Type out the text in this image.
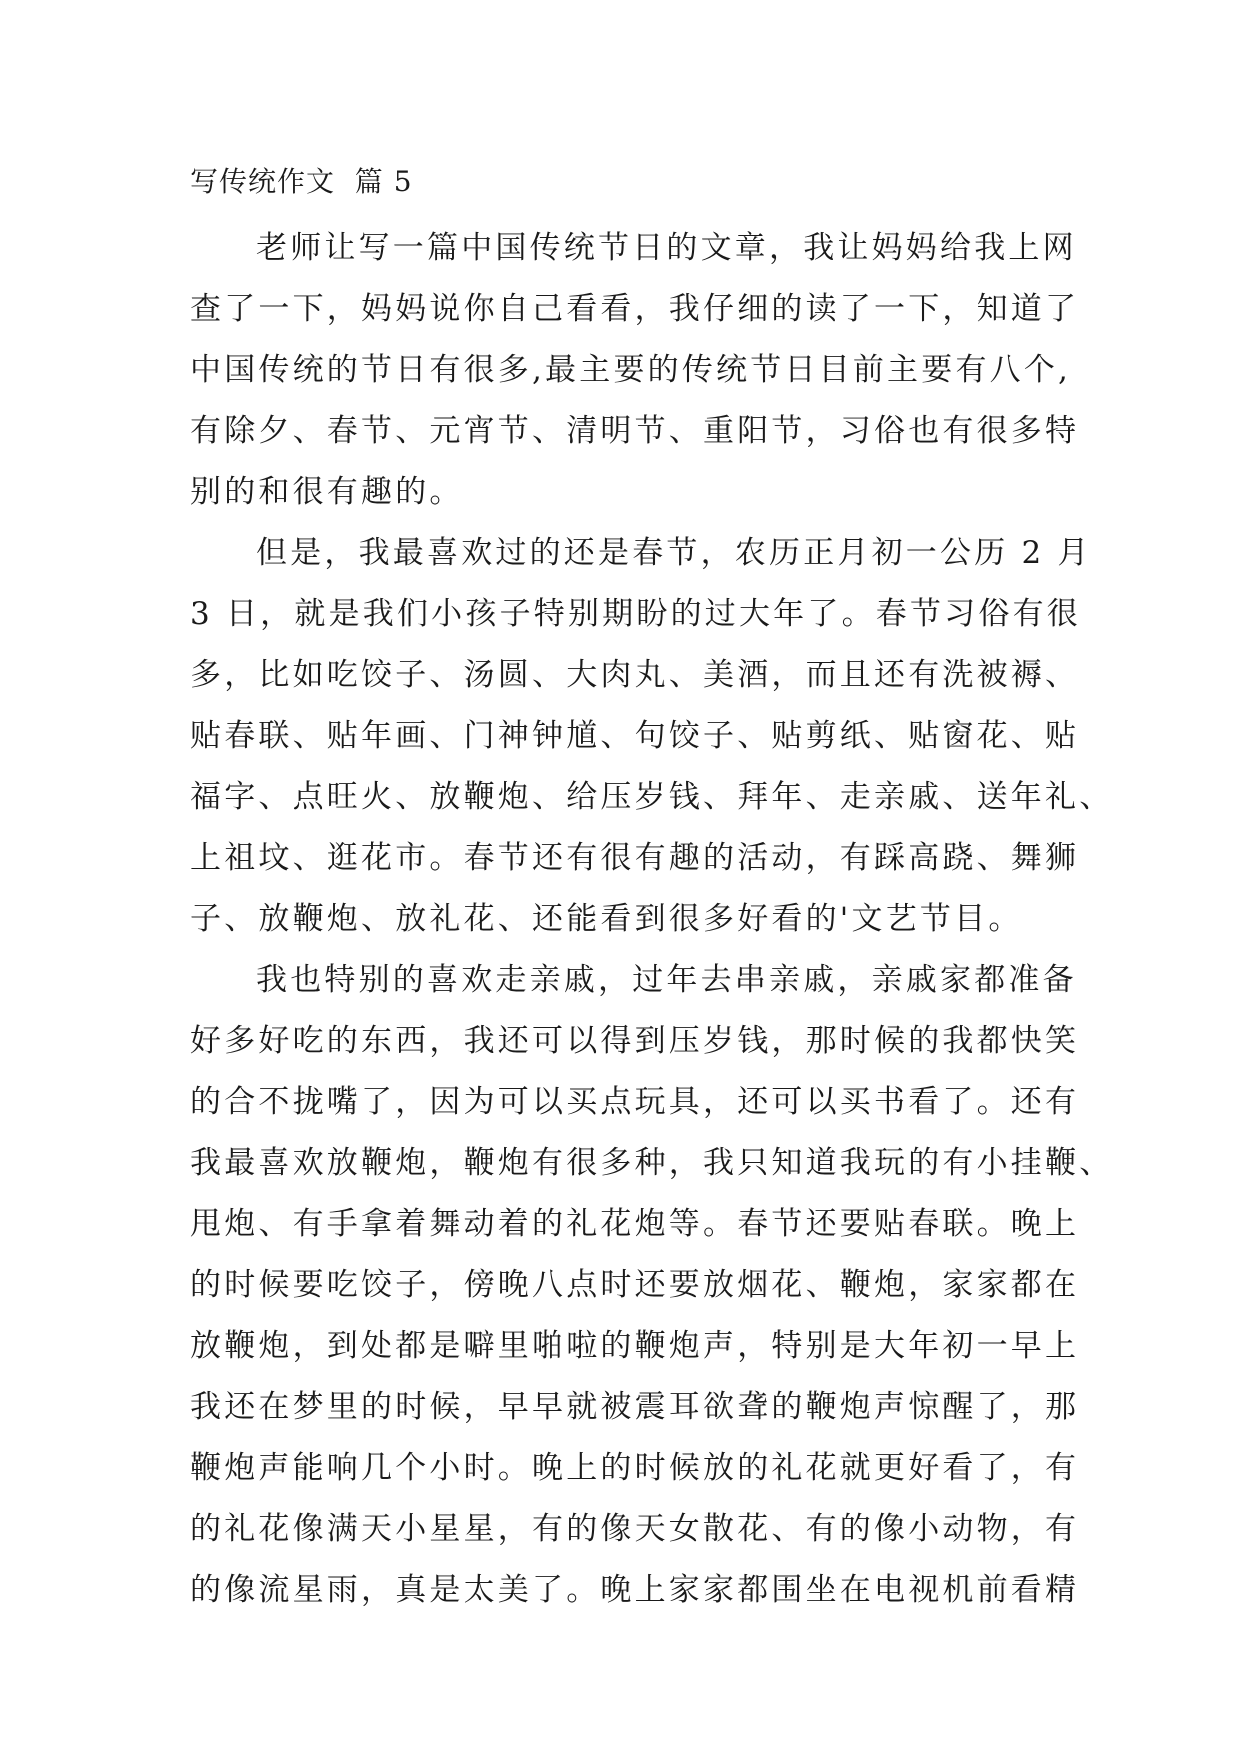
写传统作文  篇 5
老师让写一篇中国传统节日的文章，我让妈妈给我上网
查了一下，妈妈说你自己看看，我仔细的读了一下，知道了
中国传统的节日有很多,最主要的传统节日目前主要有八个,
有除夕、春节、元宵节、清明节、重阳节，习俗也有很多特
别的和很有趣的。
但是，我最喜欢过的还是春节，农历正月初一公历 2 月
3 日，就是我们小孩子特别期盼的过大年了。春节习俗有很
多，比如吃饺子、汤圆、大肉丸、美酒，而且还有洗被褥、
贴春联、贴年画、门神钟馗、句饺子、贴剪纸、贴窗花、贴
福字、点旺火、放鞭炮、给压岁钱、拜年、走亲戚、送年礼、
上祖坟、逛花市。春节还有很有趣的活动，有踩高跷、舞狮
子、放鞭炮、放礼花、还能看到很多好看的'文艺节目。
我也特别的喜欢走亲戚，过年去串亲戚，亲戚家都准备
好多好吃的东西，我还可以得到压岁钱，那时候的我都快笑
的合不拢嘴了，因为可以买点玩具，还可以买书看了。还有
我最喜欢放鞭炮，鞭炮有很多种，我只知道我玩的有小挂鞭、
甩炮、有手拿着舞动着的礼花炮等。春节还要贴春联。晚上
的时候要吃饺子，傍晚八点时还要放烟花、鞭炮，家家都在
放鞭炮，到处都是噼里啪啦的鞭炮声，特别是大年初一早上
我还在梦里的时候，早早就被震耳欲聋的鞭炮声惊醒了，那
鞭炮声能响几个小时。晚上的时候放的礼花就更好看了，有
的礼花像满天小星星，有的像天女散花、有的像小动物，有
的像流星雨，真是太美了。晚上家家都围坐在电视机前看精
